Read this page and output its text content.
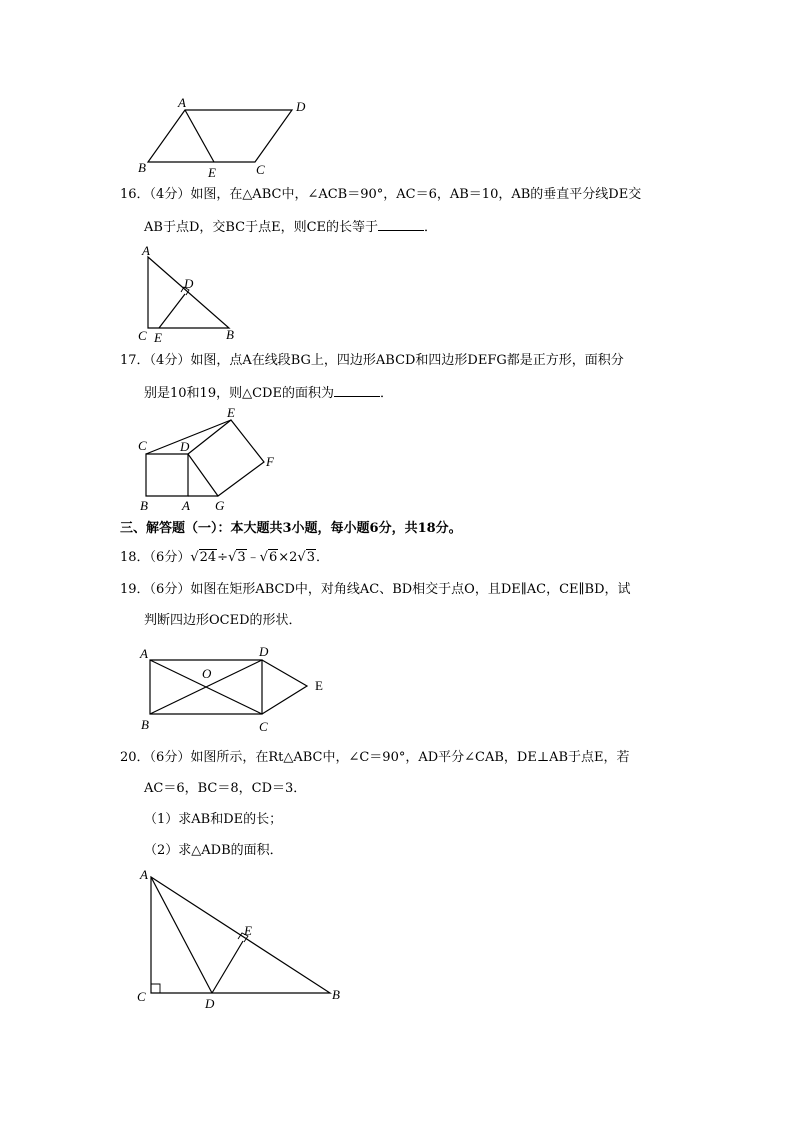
A	D
B	E	C
16．（4分）如图，在△ABC中，∠ACB＝90°，AC＝6，AB＝10，AB的垂直平分线DE交
AB于点D，交BC于点E，则CE的长等于	．
A
D
C E	B
17．（4分）如图，点A在线段BG上，四边形ABCD和四边形DEFG都是正方形，面积分
别是10和19，则△CDE的面积为	．
E
C	D
F
B	A G
三、解答题（一）：本大题共3小题，每小题6分，共18分。
18．（6分）√24÷√3﹣√6×2√3．
19．（6分）如图在矩形ABCD中，对角线AC、BD相交于点O，且DE∥AC，CE∥BD，试
判断四边形OCED的形状．
A	D
O
E
B	C
20．（6分）如图所示，在Rt△ABC中，∠C＝90°，AD平分∠CAB，DE⊥AB于点E，若
AC＝6，BC＝8，CD＝3．
（1）求AB和DE的长；
（2）求△ADB的面积．
A
E
C	D
B
